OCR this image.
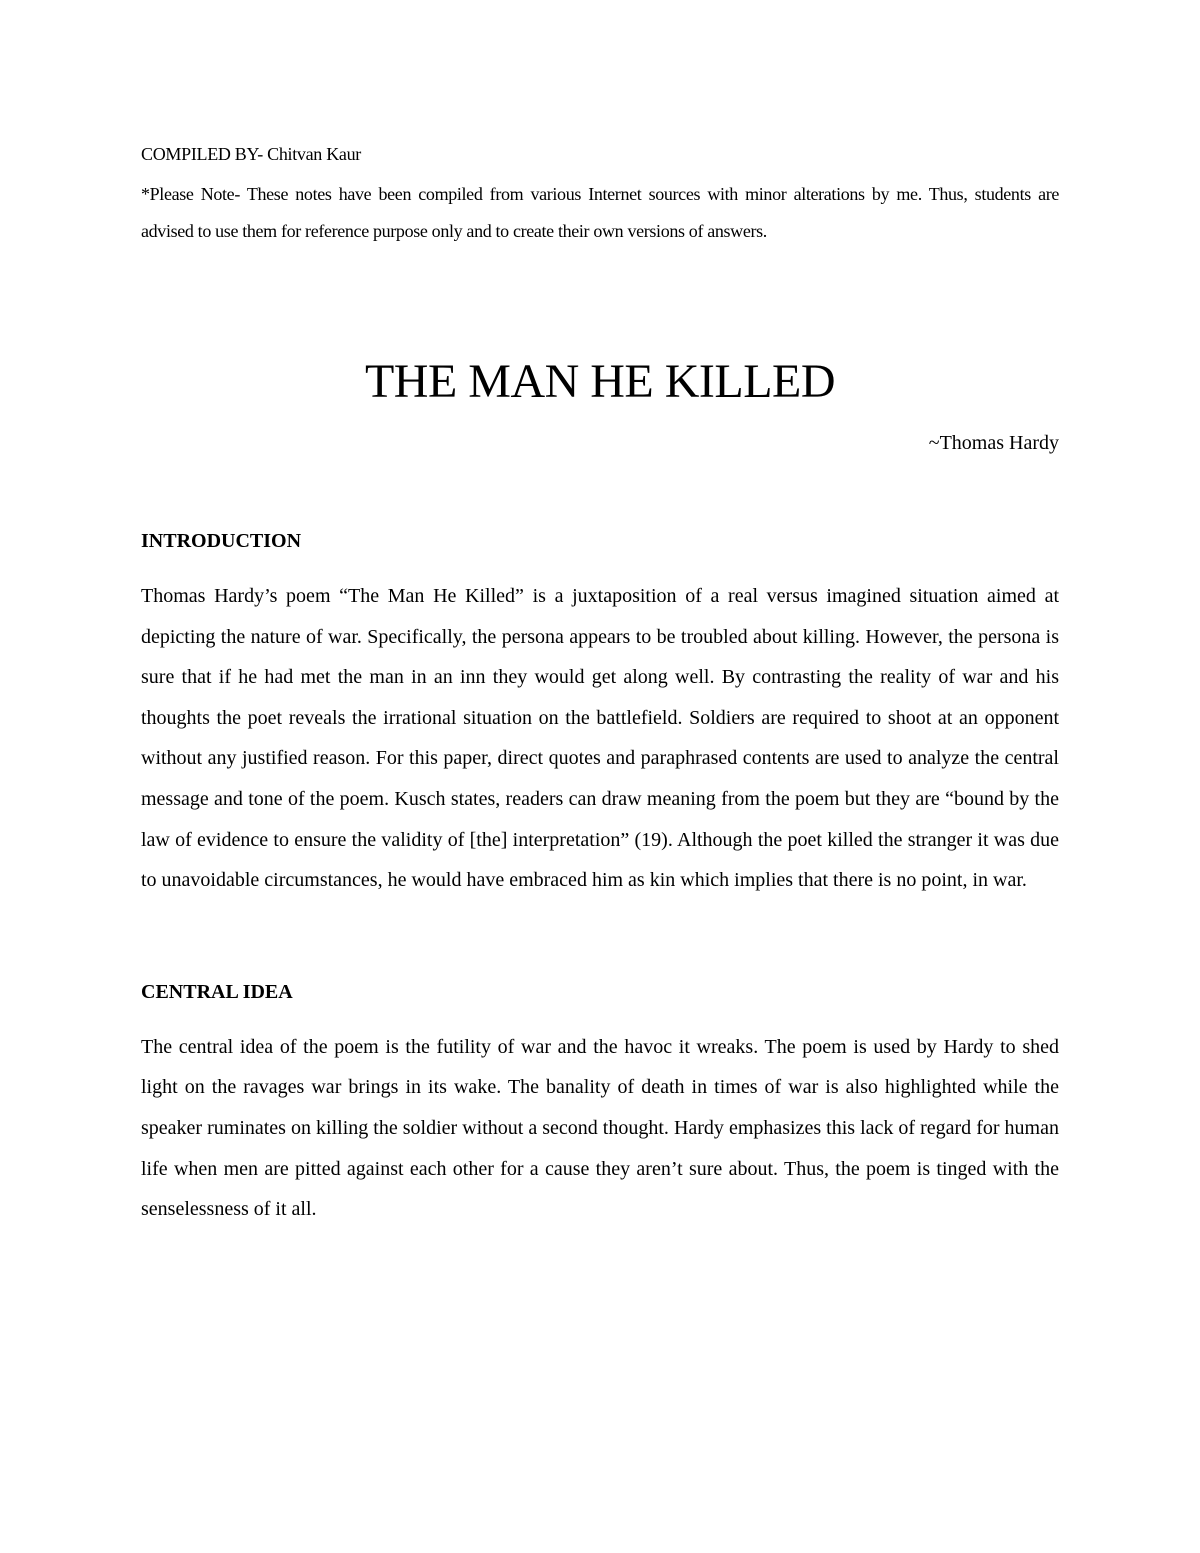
COMPILED BY- Chitvan Kaur

*Please Note- These notes have been compiled from various Internet sources with minor alterations by me. Thus, students are advised to use them for reference purpose only and to create their own versions of answers.

THE MAN HE KILLED

~Thomas Hardy

INTRODUCTION

Thomas Hardy’s poem “The Man He Killed” is a juxtaposition of a real versus imagined situation aimed at depicting the nature of war. Specifically, the persona appears to be troubled about killing. However, the persona is sure that if he had met the man in an inn they would get along well. By contrasting the reality of war and his thoughts the poet reveals the irrational situation on the battlefield. Soldiers are required to shoot at an opponent without any justified reason. For this paper, direct quotes and paraphrased contents are used to analyze the central message and tone of the poem. Kusch states, readers can draw meaning from the poem but they are “bound by the law of evidence to ensure the validity of [the] interpretation” (19). Although the poet killed the stranger it was due to unavoidable circumstances, he would have embraced him as kin which implies that there is no point, in war.

CENTRAL IDEA

The central idea of the poem is the futility of war and the havoc it wreaks. The poem is used by Hardy to shed light on the ravages war brings in its wake. The banality of death in times of war is also highlighted while the speaker ruminates on killing the soldier without a second thought. Hardy emphasizes this lack of regard for human life when men are pitted against each other for a cause they aren’t sure about. Thus, the poem is tinged with the senselessness of it all.
